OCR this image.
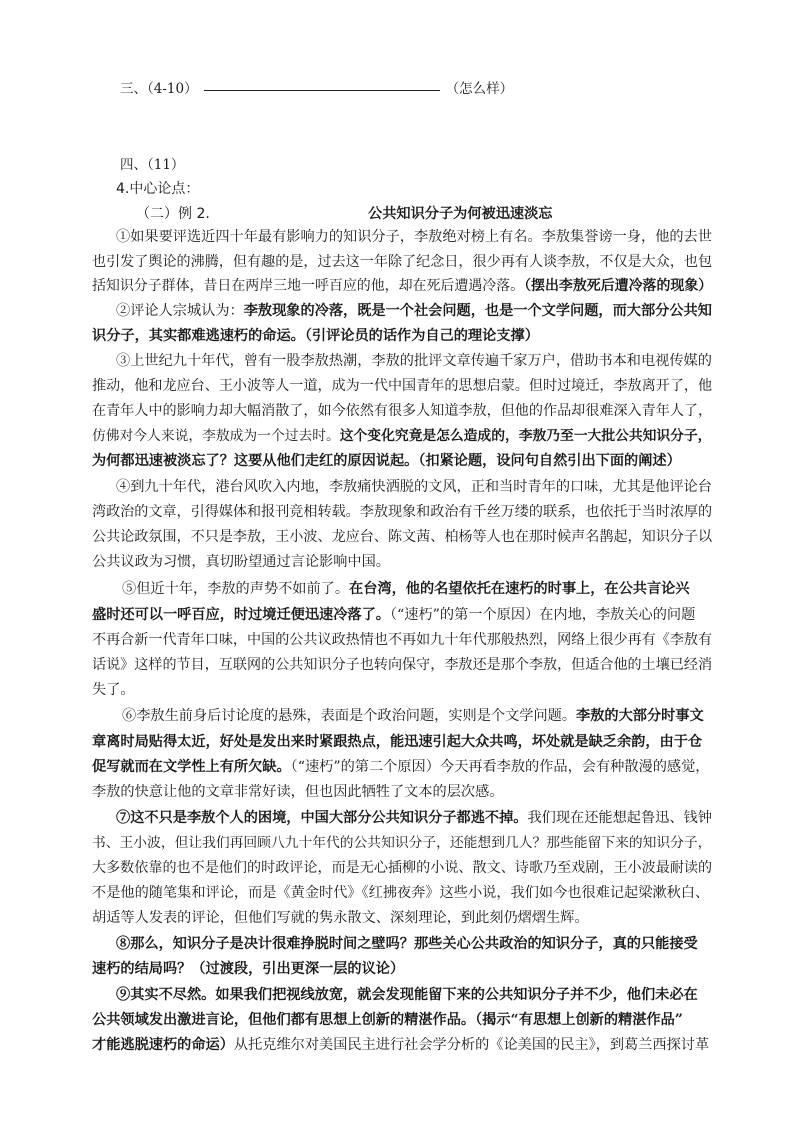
三、（4-10）	（怎么样）
四、（11）
4.中心论点：
（二）例 2.	公共知识分子为何被迅速淡忘
①如果要评选近四十年最有影响力的知识分子，李敖绝对榜上有名。李敖集誉谤一身，他的去世
也引发了舆论的沸腾，但有趣的是，过去这一年除了纪念日，很少再有人谈李敖，不仅是大众，也包
括知识分子群体，昔日在两岸三地一呼百应的他，却在死后遭遇冷落。（摆出李敖死后遭冷落的现象）
②评论人宗城认为：李敖现象的冷落，既是一个社会问题，也是一个文学问题，而大部分公共知
识分子，其实都难逃速朽的命运。（引评论员的话作为自己的理论支撑）
③上世纪九十年代，曾有一股李敖热潮，李敖的批评文章传遍千家万户，借助书本和电视传媒的
推动，他和龙应台、王小波等人一道，成为一代中国青年的思想启蒙。但时过境迁，李敖离开了，他
在青年人中的影响力却大幅消散了，如今依然有很多人知道李敖，但他的作品却很难深入青年人了，
仿佛对今人来说，李敖成为一个过去时。这个变化究竟是怎么造成的，李敖乃至一大批公共知识分子，
为何都迅速被淡忘了？这要从他们走红的原因说起。（扣紧论题，设问句自然引出下面的阐述）
④到九十年代，港台风吹入内地，李敖痛快洒脱的文风，正和当时青年的口味，尤其是他评论台
湾政治的文章，引得媒体和报刊竞相转载。李敖现象和政治有千丝万缕的联系，也依托于当时浓厚的
公共论政氛围，不只是李敖，王小波、龙应台、陈文茜、柏杨等人也在那时候声名鹊起，知识分子以
公共议政为习惯，真切盼望通过言论影响中国。
⑤但近十年，李敖的声势不如前了。在台湾，他的名望依托在速朽的时事上，在公共言论兴
盛时还可以一呼百应，时过境迁便迅速冷落了。（“速朽”的第一个原因）在内地，李敖关心的问题
不再合新一代青年口味，中国的公共议政热情也不再如九十年代那般热烈，网络上很少再有《李敖有
话说》这样的节目，互联网的公共知识分子也转向保守，李敖还是那个李敖，但适合他的土壤已经消
失了。
⑥李敖生前身后讨论度的悬殊，表面是个政治问题，实则是个文学问题。李敖的大部分时事文
章离时局贴得太近，好处是发出来时紧跟热点，能迅速引起大众共鸣，坏处就是缺乏余韵，由于仓
促写就而在文学性上有所欠缺。（“速朽”的第二个原因）今天再看李敖的作品，会有种散漫的感觉，
李敖的快意让他的文章非常好读，但也因此牺牲了文本的层次感。
⑦这不只是李敖个人的困境，中国大部分公共知识分子都逃不掉。我们现在还能想起鲁迅、钱钟
书、王小波，但让我们再回顾八九十年代的公共知识分子，还能想到几人？那些能留下来的知识分子，
大多数依靠的也不是他们的时政评论，而是无心插柳的小说、散文、诗歌乃至戏剧，王小波最耐读的
不是他的随笔集和评论，而是《黄金时代》《红拂夜奔》这些小说，我们如今也很难记起梁漱秋白、
胡适等人发表的评论，但他们写就的隽永散文、深刻理论，到此刻仍熠熠生辉。
⑧那么，知识分子是决计很难挣脱时间之壁吗？那些关心公共政治的知识分子，真的只能接受
速朽的结局吗？（过渡段，引出更深一层的议论）
⑨其实不尽然。如果我们把视线放宽，就会发现能留下来的公共知识分子并不少，他们未必在
公共领域发出激进言论，但他们都有思想上创新的精湛作品。（揭示“有思想上创新的精湛作品”
才能逃脱速朽的命运）从托克维尔对美国民主进行社会学分析的《论美国的民主》，到葛兰西探讨革
